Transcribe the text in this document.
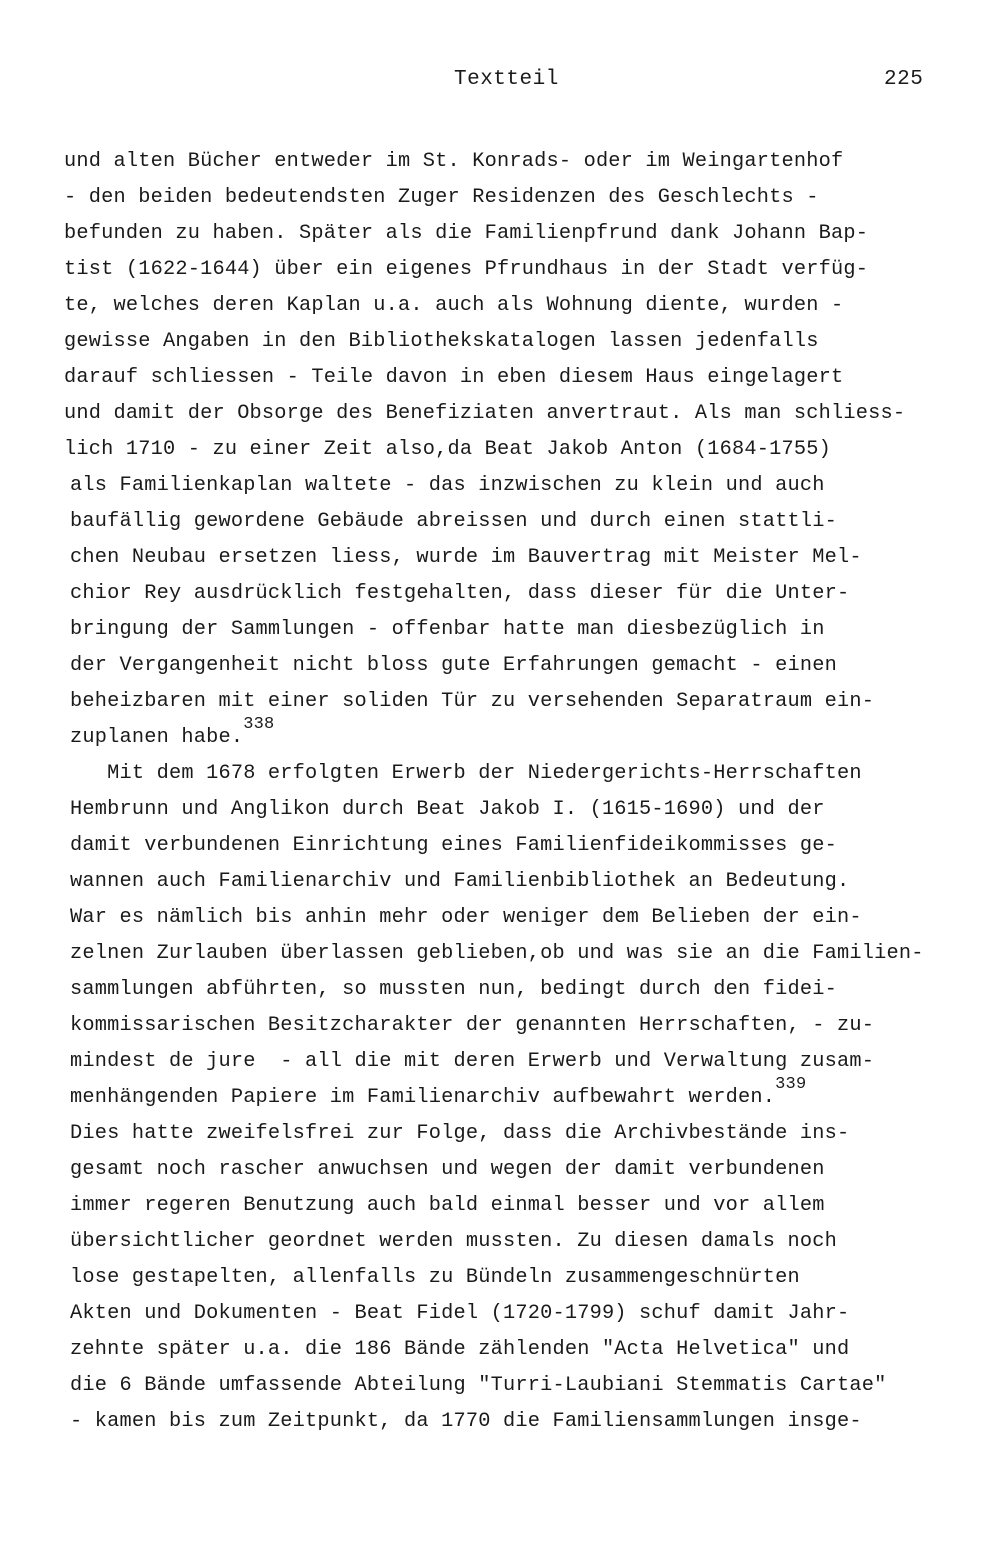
Textteil	225
und alten Bücher entweder im St. Konrads- oder im Weingartenhof
- den beiden bedeutendsten Zuger Residenzen des Geschlechts -
befunden zu haben. Später als die Familienpfrund dank Johann Bap-
tist (1622-1644) über ein eigenes Pfrundhaus in der Stadt verfüg-
te, welches deren Kaplan u.a. auch als Wohnung diente, wurden -
gewisse Angaben in den Bibliothekskatalogen lassen jedenfalls
darauf schliessen - Teile davon in eben diesem Haus eingelagert
und damit der Obsorge des Benefiziaten anvertraut. Als man schliess-
lich 1710 - zu einer Zeit also,da Beat Jakob Anton (1684-1755)
als Familienkaplan waltete - das inzwischen zu klein und auch
baufällig gewordene Gebäude abreissen und durch einen stattli-
chen Neubau ersetzen liess, wurde im Bauvertrag mit Meister Mel-
chior Rey ausdrücklich festgehalten, dass dieser für die Unter-
bringung der Sammlungen - offenbar hatte man diesbezüglich in
der Vergangenheit nicht bloss gute Erfahrungen gemacht - einen
beheizbaren mit einer soliden Tür zu versehenden Separatraum ein-
zuplanen habe.$^{338}$
Mit dem 1678 erfolgten Erwerb der Niedergerichts-Herrschaften
Hembrunn und Anglikon durch Beat Jakob I. (1615-1690) und der
damit verbundenen Einrichtung eines Familienfideikommisses ge-
wannen auch Familienarchiv und Familienbibliothek an Bedeutung.
War es nämlich bis anhin mehr oder weniger dem Belieben der ein-
zelnen Zurlauben überlassen geblieben,ob und was sie an die Familien-
sammlungen abführten, so mussten nun, bedingt durch den fidei-
kommissarischen Besitzcharakter der genannten Herrschaften, - zu-
mindest de jure  - all die mit deren Erwerb und Verwaltung zusam-
menhängenden Papiere im Familienarchiv aufbewahrt werden.$^{339}$
Dies hatte zweifelsfrei zur Folge, dass die Archivbestände ins-
gesamt noch rascher anwuchsen und wegen der damit verbundenen
immer regeren Benutzung auch bald einmal besser und vor allem
übersichtlicher geordnet werden mussten. Zu diesen damals noch
lose gestapelten, allenfalls zu Bündeln zusammengeschnürten
Akten und Dokumenten - Beat Fidel (1720-1799) schuf damit Jahr-
zehnte später u.a. die 186 Bände zählenden "Acta Helvetica" und
die 6 Bände umfassende Abteilung "Turri-Laubiani Stemmatis Cartae"
- kamen bis zum Zeitpunkt, da 1770 die Familiensammlungen insge-
